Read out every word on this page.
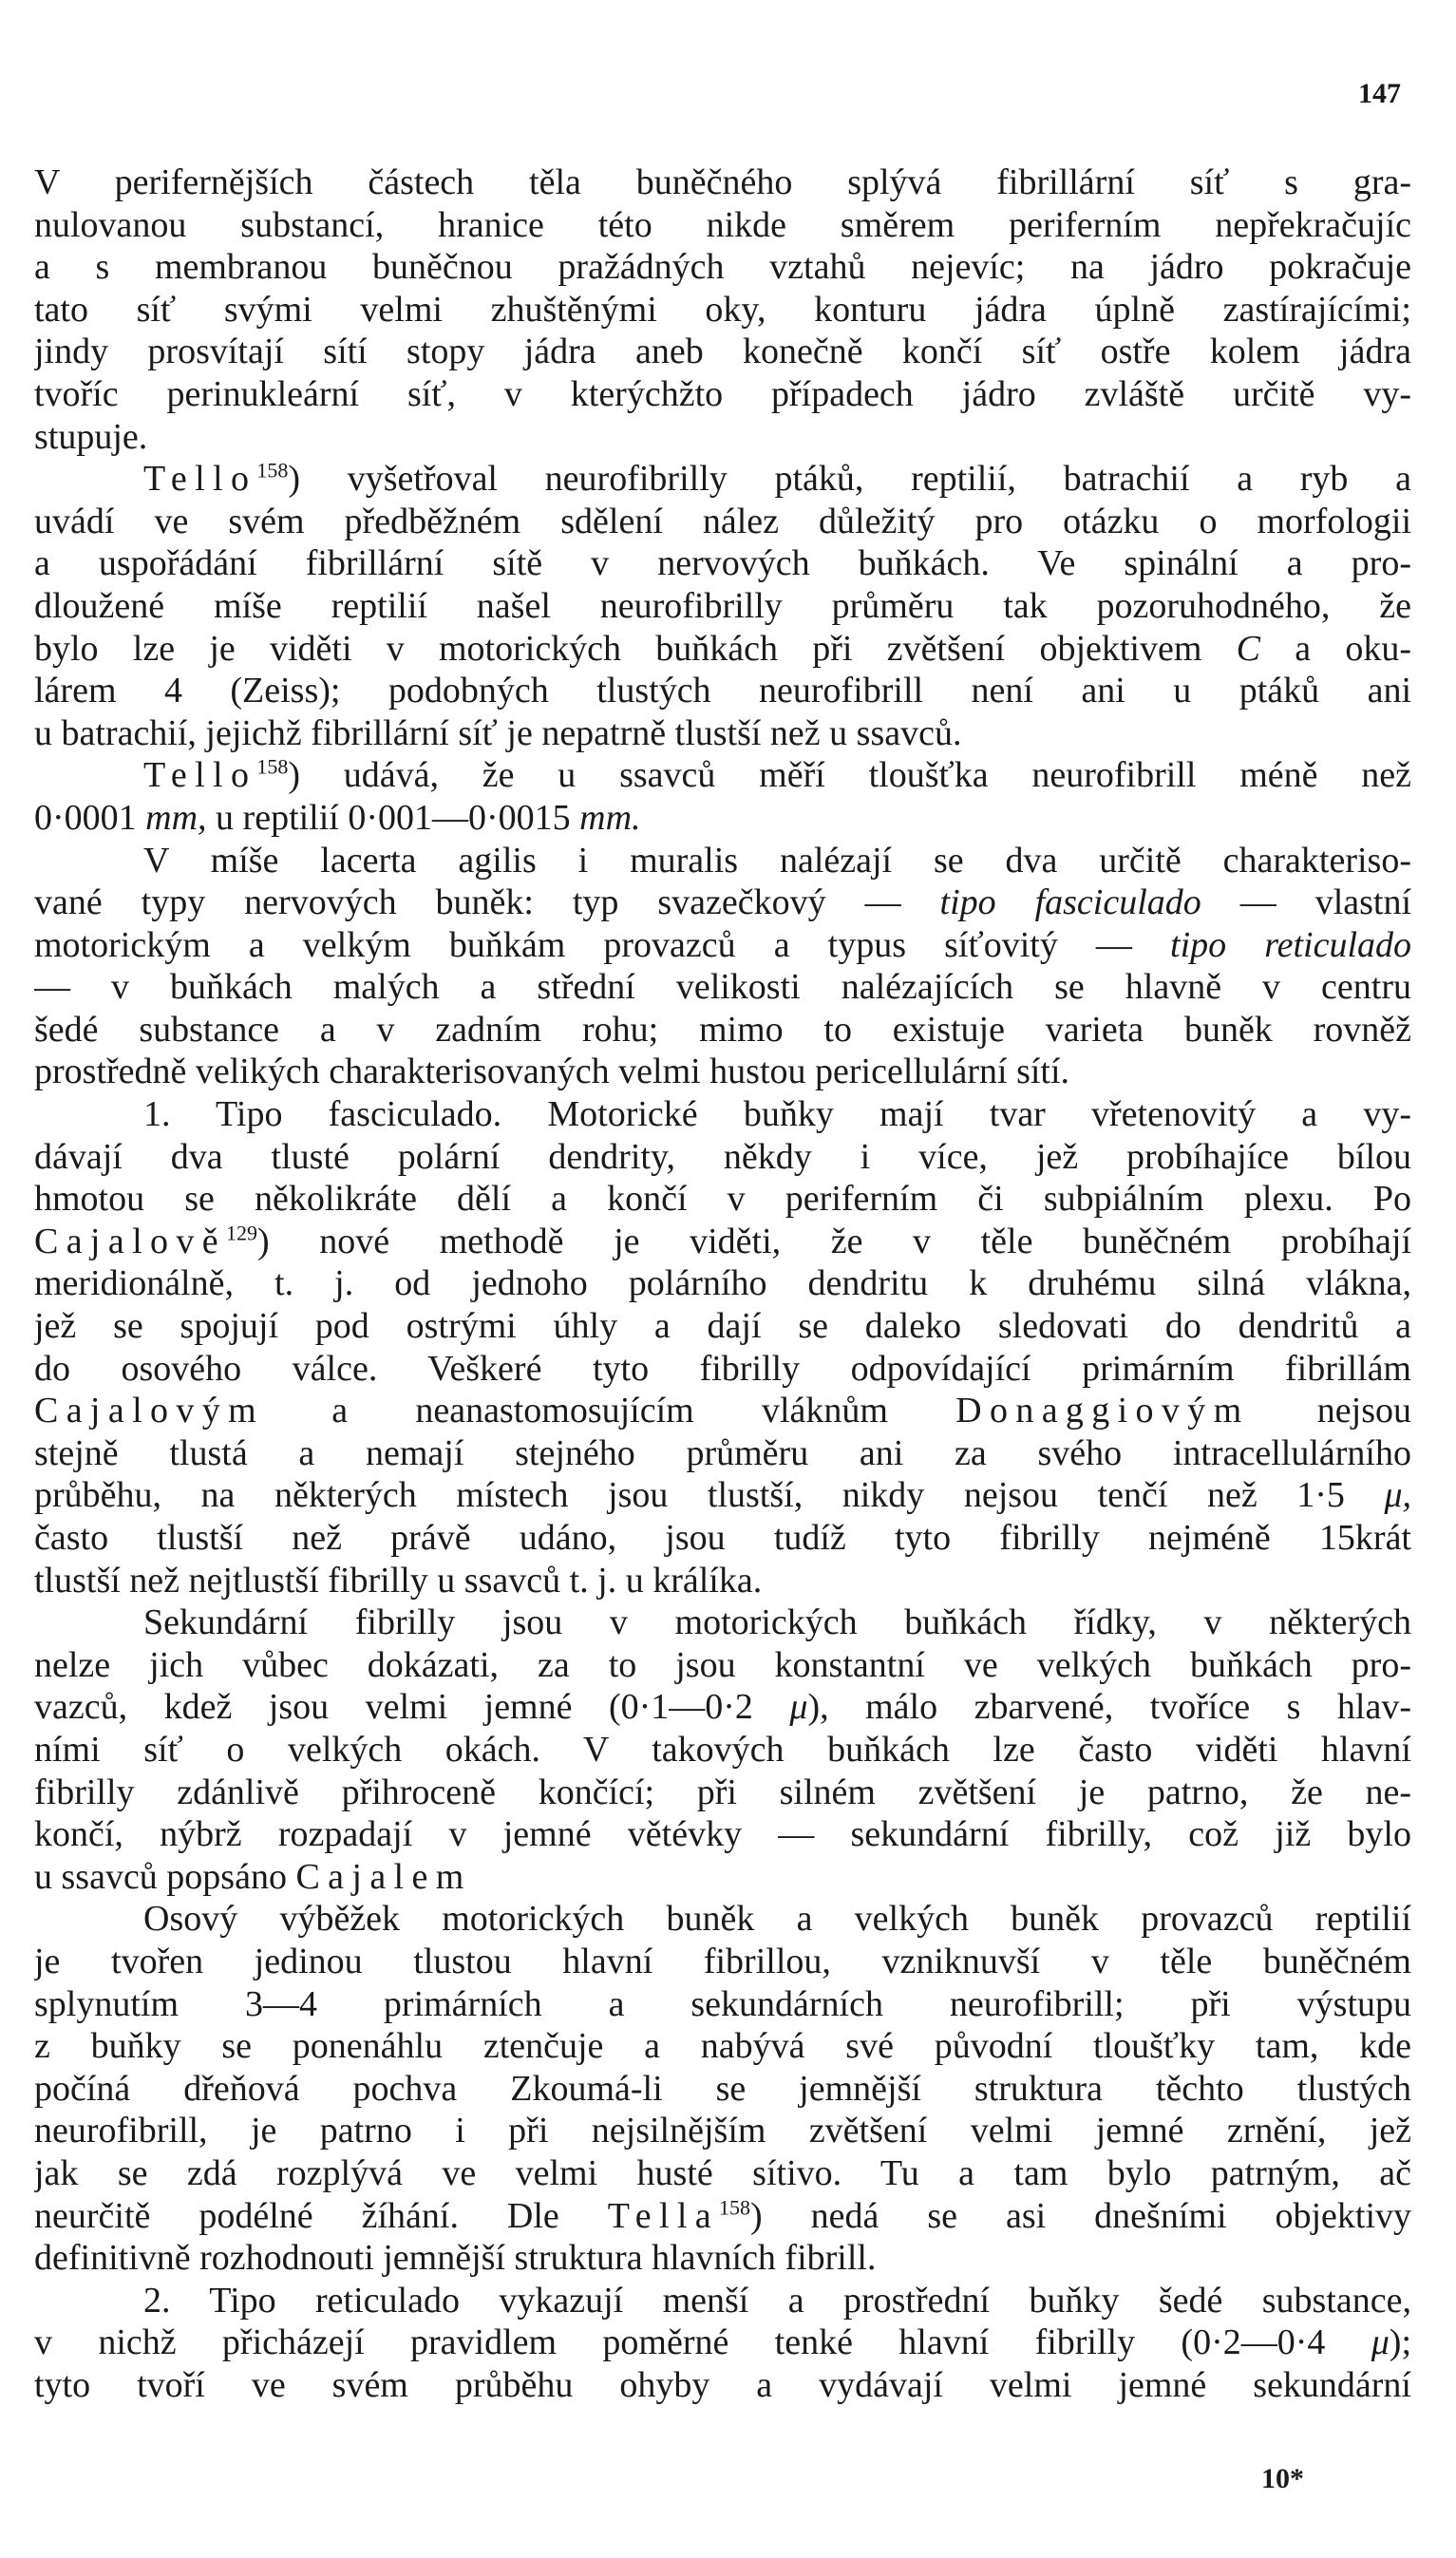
147
V perifernějších částech těla buněčného splývá fibrillární síť s gra-
nulovanou substancí, hranice této nikde směrem periferním nepřekračujíc
a s membranou buněčnou pražádných vztahů nejevíc; na jádro pokračuje
tato síť svými velmi zhuštěnými oky, konturu jádra úplně zastírajícími;
jindy prosvítají sítí stopy jádra aneb konečně končí síť ostře kolem jádra
tvoříc perinukleární síť, v kterýchžto případech jádro zvláště určitě vy-
stupuje.
Tello$^{158}$) vyšetřoval neurofibrilly ptáků, reptilií, batrachií a ryb a
uvádí ve svém předběžném sdělení nález důležitý pro otázku o morfologii
a uspořádání fibrillární sítě v nervových buňkách. Ve spinální a pro-
dloužené míše reptilií našel neurofibrilly průměru tak pozoruhodného, že
bylo lze je viděti v motorických buňkách při zvětšení objektivem C a oku-
lárem 4 (Zeiss); podobných tlustých neurofibrill není ani u ptáků ani
u batrachií, jejichž fibrillární síť je nepatrně tlustší než u ssavců.
Tello$^{158}$) udává, že u ssavců měří tloušťka neurofibrill méně než
0·0001 mm, u reptilií 0·001—0·0015 mm.
V míše lacerta agilis i muralis nalézají se dva určitě charakteriso-
vané typy nervových buněk: typ svazečkový — tipo fasciculado — vlastní
motorickým a velkým buňkám provazců a typus síťovitý — tipo reticulado
— v buňkách malých a střední velikosti nalézajících se hlavně v centru
šedé substance a v zadním rohu; mimo to existuje varieta buněk rovněž
prostředně velikých charakterisovaných velmi hustou pericellulární sítí.
1. Tipo fasciculado. Motorické buňky mají tvar vřetenovitý a vy-
dávají dva tlusté polární dendrity, někdy i více, jež probíhajíce bílou
hmotou se několikráte dělí a končí v periferním či subpiálním plexu. Po
Cajalově$^{129}$) nové methodě je viděti, že v těle buněčném probíhají
meridionálně, t. j. od jednoho polárního dendritu k druhému silná vlákna,
jež se spojují pod ostrými úhly a dají se daleko sledovati do dendritů a
do osového válce. Veškeré tyto fibrilly odpovídající primárním fibrillám
Cajalovým a neanastomosujícím vláknům Donaggiovým nejsou
stejně tlustá a nemají stejného průměru ani za svého intracellulárního
průběhu, na některých místech jsou tlustší, nikdy nejsou tenčí než 1·5 μ,
často tlustší než právě udáno, jsou tudíž tyto fibrilly nejméně 15krát
tlustší než nejtlustší fibrilly u ssavců t. j. u králíka.
Sekundární fibrilly jsou v motorických buňkách řídky, v některých
nelze jich vůbec dokázati, za to jsou konstantní ve velkých buňkách pro-
vazců, kdež jsou velmi jemné (0·1—0·2 μ), málo zbarvené, tvoříce s hlav-
ními síť o velkých okách. V takových buňkách lze často viděti hlavní
fibrilly zdánlivě přihroceně končící; při silném zvětšení je patrno, že ne-
končí, nýbrž rozpadají v jemné větévky — sekundární fibrilly, což již bylo
u ssavců popsáno Cajalem
Osový výběžek motorických buněk a velkých buněk provazců reptilií
je tvořen jedinou tlustou hlavní fibrillou, vzniknuvší v těle buněčném
splynutím 3—4 primárních a sekundárních neurofibrill; při výstupu
z buňky se ponenáhlu ztenčuje a nabývá své původní tloušťky tam, kde
počíná dřeňová pochva Zkoumá-li se jemnější struktura těchto tlustých
neurofibrill, je patrno i při nejsilnějším zvětšení velmi jemné zrnění, jež
jak se zdá rozplývá ve velmi husté sítivo. Tu a tam bylo patrným, ač
neurčitě podélné žíhání. Dle Tella$^{158}$) nedá se asi dnešními objektivy
definitivně rozhodnouti jemnější struktura hlavních fibrill.
2. Tipo reticulado vykazují menší a prostřední buňky šedé substance,
v nichž přicházejí pravidlem poměrné tenké hlavní fibrilly (0·2—0·4 μ);
tyto tvoří ve svém průběhu ohyby a vydávají velmi jemné sekundární
10*
